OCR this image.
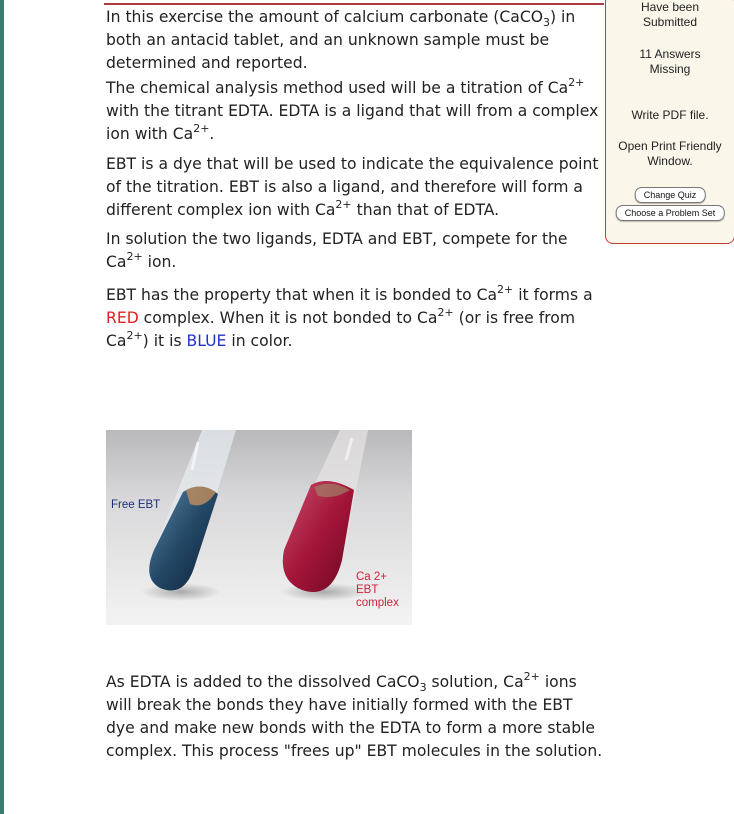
In this exercise the amount of calcium carbonate (CaCO$_3$) in both an antacid tablet, and an unknown sample must be determined and reported.

The chemical analysis method used will be a titration of $Ca^{2+}$ with the titrant EDTA. EDTA is a ligand that will from a complex ion with $Ca^{2+}$.

EBT is a dye that will be used to indicate the equivalence point of the titration. EBT is also a ligand, and therefore will form a different complex ion with $Ca^{2+}$ than that of EDTA.

In solution the two ligands, EDTA and EBT, compete for the $Ca^{2+}$ ion.

EBT has the property that when it is bonded to $Ca^{2+}$ it forms a RED complex. When it is not bonded to $Ca^{2+}$ (or is free from $Ca^{2+}$) it is BLUE in color.

Free EBT
Ca 2+
EBT
complex

As EDTA is added to the dissolved CaCO$_3$ solution, $Ca^{2+}$ ions will break the bonds they have initially formed with the EBT dye and make new bonds with the EDTA to form a more stable complex. This process "frees up" EBT molecules in the solution.

Have been
Submitted
11 Answers
Missing
Write PDF file.
Open Print Friendly
Window.
Change Quiz
Choose a Problem Set
